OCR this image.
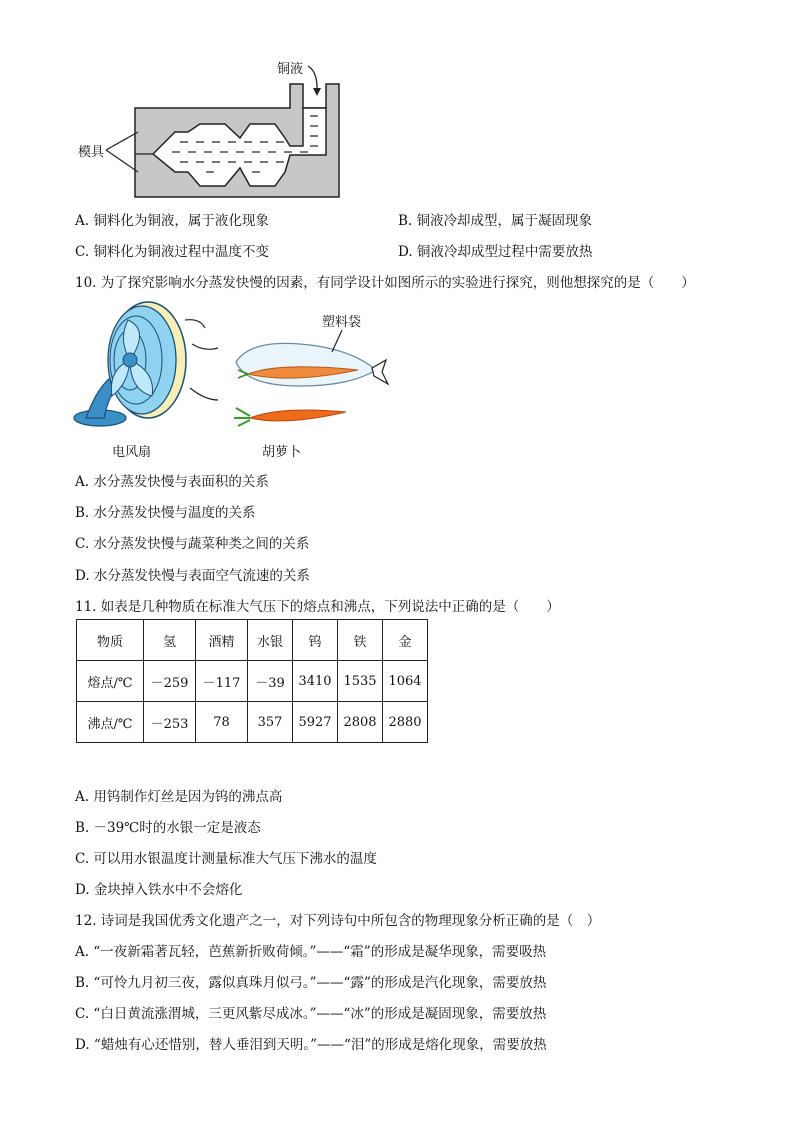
铜液
模具
A. 铜料化为铜液，属于液化现象	B. 铜液冷却成型，属于凝固现象
C. 铜料化为铜液过程中温度不变	D. 铜液冷却成型过程中需要放热
10. 为了探究影响水分蒸发快慢的因素，有同学设计如图所示的实验进行探究，则他想探究的是（　　）
塑料袋
电风扇	胡萝卜
A. 水分蒸发快慢与表面积的关系
B. 水分蒸发快慢与温度的关系
C. 水分蒸发快慢与蔬菜种类之间的关系
D. 水分蒸发快慢与表面空气流速的关系
11. 如表是几种物质在标准大气压下的熔点和沸点，下列说法中正确的是（　　）
物质	氢	酒精	水银	钨	铁	金
熔点/℃	－259	－117	－39	3410	1535	1064
沸点/℃	－253	78	357	5927	2808	2880
A. 用钨制作灯丝是因为钨的沸点高
B. －39℃时的水银一定是液态
C. 可以用水银温度计测量标准大气压下沸水的温度
D. 金块掉入铁水中不会熔化
12. 诗词是我国优秀文化遗产之一，对下列诗句中所包含的物理现象分析正确的是（　）
A. “一夜新霜著瓦轻，芭蕉新折败荷倾。”——“霜”的形成是凝华现象，需要吸热
B. “可怜九月初三夜，露似真珠月似弓。”——“露”的形成是汽化现象，需要放热
C. “白日黄流涨渭城，三更风紫尽成冰。”——“冰”的形成是凝固现象，需要放热
D. “蜡烛有心还惜别，替人垂泪到天明。”——“泪”的形成是熔化现象，需要放热
